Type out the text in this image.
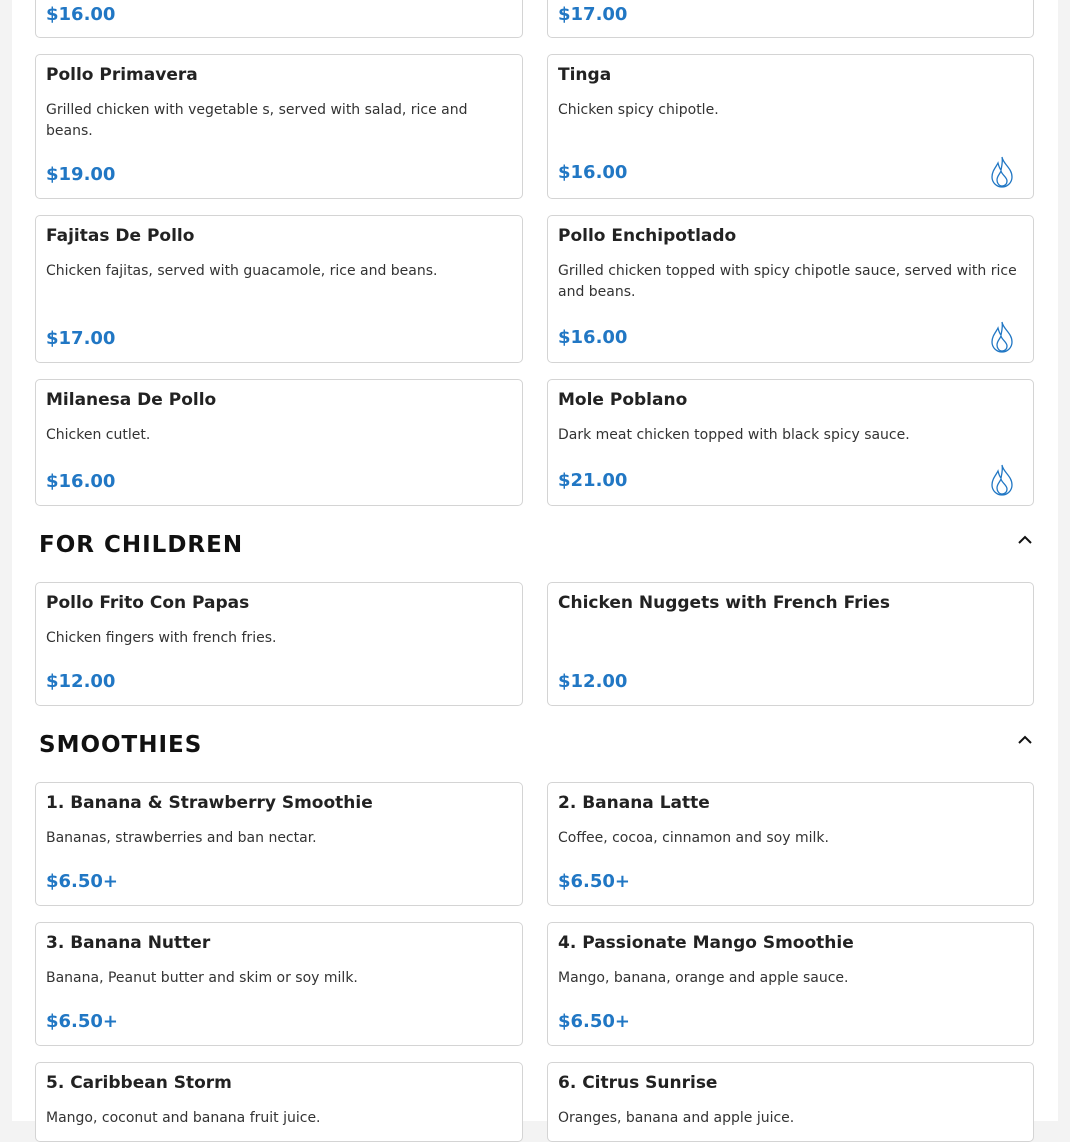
$16.00	$17.00
Pollo Primavera
Grilled chicken with vegetable s, served with salad, rice and beans.
$19.00
Tinga
Chicken spicy chipotle.
$16.00
Fajitas De Pollo
Chicken fajitas, served with guacamole, rice and beans.
$17.00
Pollo Enchipotlado
Grilled chicken topped with spicy chipotle sauce, served with rice and beans.
$16.00
Milanesa De Pollo
Chicken cutlet.
$16.00
Mole Poblano
Dark meat chicken topped with black spicy sauce.
$21.00
FOR CHILDREN
Pollo Frito Con Papas
Chicken fingers with french fries.
$12.00
Chicken Nuggets with French Fries
$12.00
SMOOTHIES
1. Banana & Strawberry Smoothie
Bananas, strawberries and ban nectar.
$6.50+
2. Banana Latte
Coffee, cocoa, cinnamon and soy milk.
$6.50+
3. Banana Nutter
Banana, Peanut butter and skim or soy milk.
$6.50+
4. Passionate Mango Smoothie
Mango, banana, orange and apple sauce.
$6.50+
5. Caribbean Storm
Mango, coconut and banana fruit juice.
6. Citrus Sunrise
Oranges, banana and apple juice.
